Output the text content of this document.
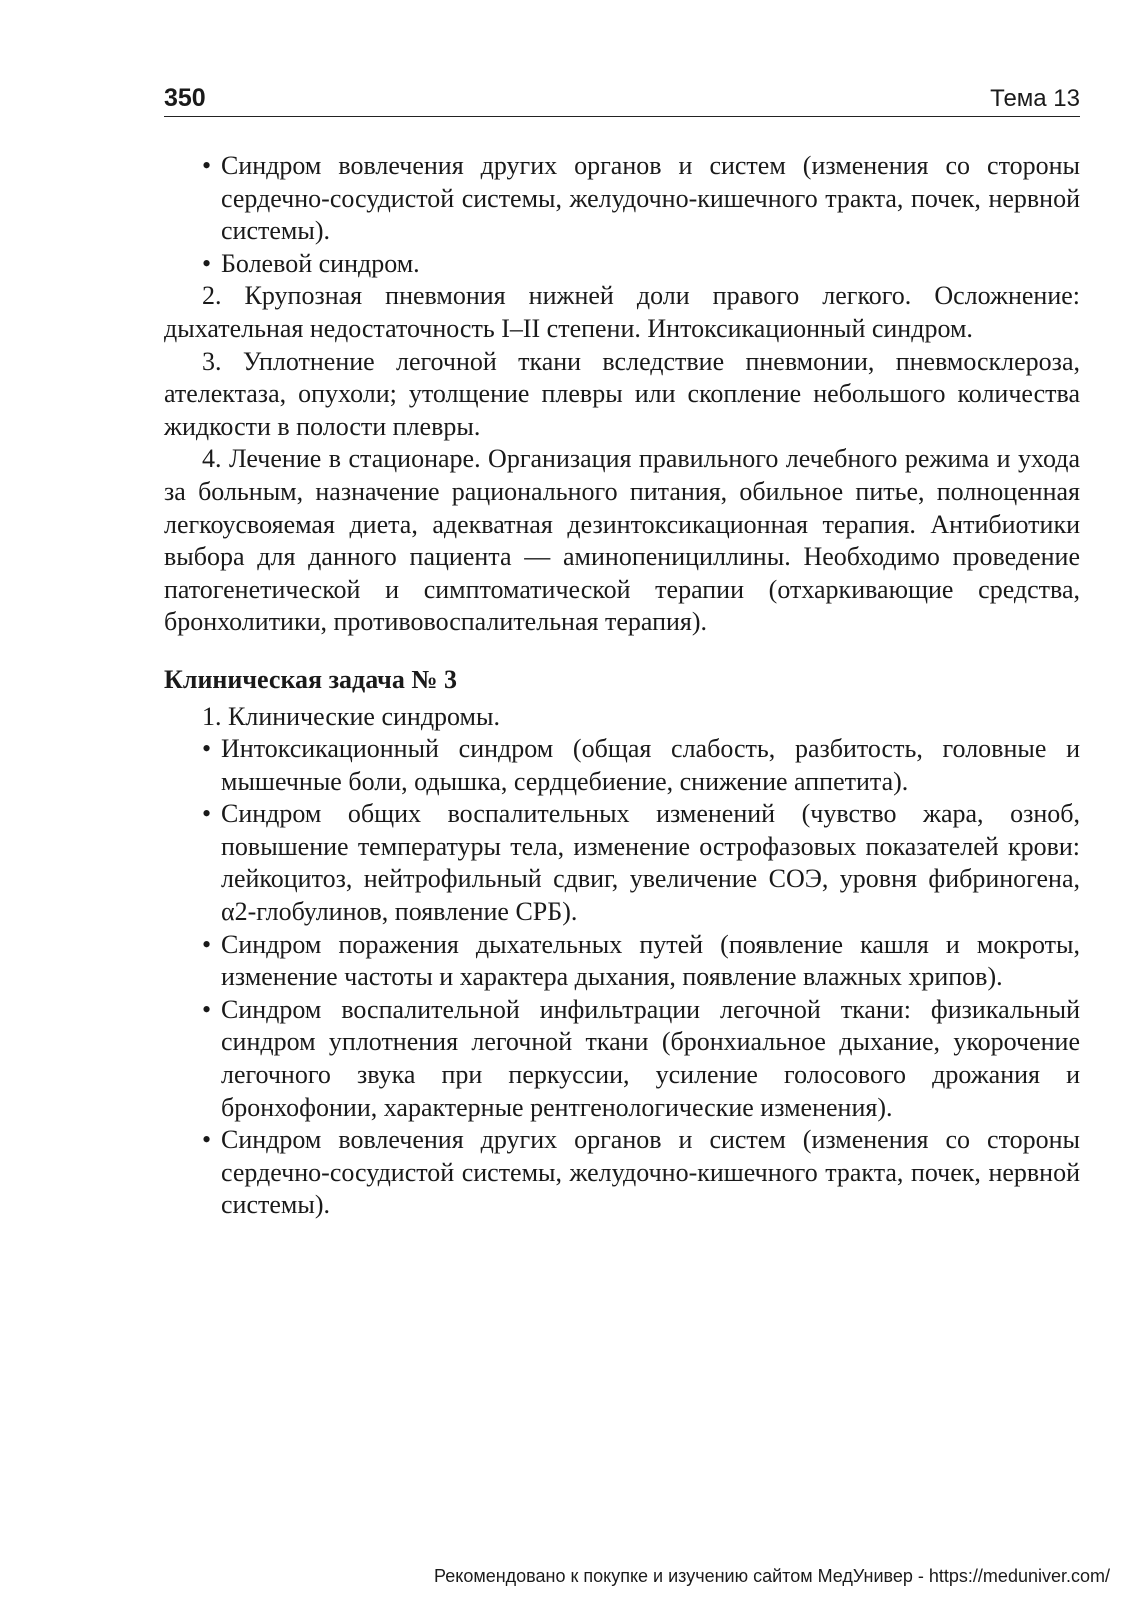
350	Тема 13

• Синдром вовлечения других органов и систем (изменения со стороны сердечно-сосудистой системы, желудочно-кишечного тракта, почек, нервной системы).

• Болевой синдром.

2. Крупозная пневмония нижней доли правого легкого. Осложнение: дыхательная недостаточность I–II степени. Интоксикационный синдром.

3. Уплотнение легочной ткани вследствие пневмонии, пневмосклероза, ателектаза, опухоли; утолщение плевры или скопление небольшого количества жидкости в полости плевры.

4. Лечение в стационаре. Организация правильного лечебного режима и ухода за больным, назначение рационального питания, обильное питье, полноценная легкоусвояемая диета, адекватная дезинтоксикационная терапия. Антибиотики выбора для данного пациента — аминопенициллины. Необходимо проведение патогенетической и симптоматической терапии (отхаркивающие средства, бронхолитики, противовоспалительная терапия).

Клиническая задача № 3

1. Клинические синдромы.

• Интоксикационный синдром (общая слабость, разбитость, головные и мышечные боли, одышка, сердцебиение, снижение аппетита).

• Синдром общих воспалительных изменений (чувство жара, озноб, повышение температуры тела, изменение острофазовых показателей крови: лейкоцитоз, нейтрофильный сдвиг, увеличение СОЭ, уровня фибриногена, α2-глобулинов, появление СРБ).

• Синдром поражения дыхательных путей (появление кашля и мокроты, изменение частоты и характера дыхания, появление влажных хрипов).

• Синдром воспалительной инфильтрации легочной ткани: физикальный синдром уплотнения легочной ткани (бронхиальное дыхание, укорочение легочного звука при перкуссии, усиление голосового дрожания и бронхофонии, характерные рентгенологические изменения).

• Синдром вовлечения других органов и систем (изменения со стороны сердечно-сосудистой системы, желудочно-кишечного тракта, почек, нервной системы).

Рекомендовано к покупке и изучению сайтом МедУнивер - https://meduniver.com/
